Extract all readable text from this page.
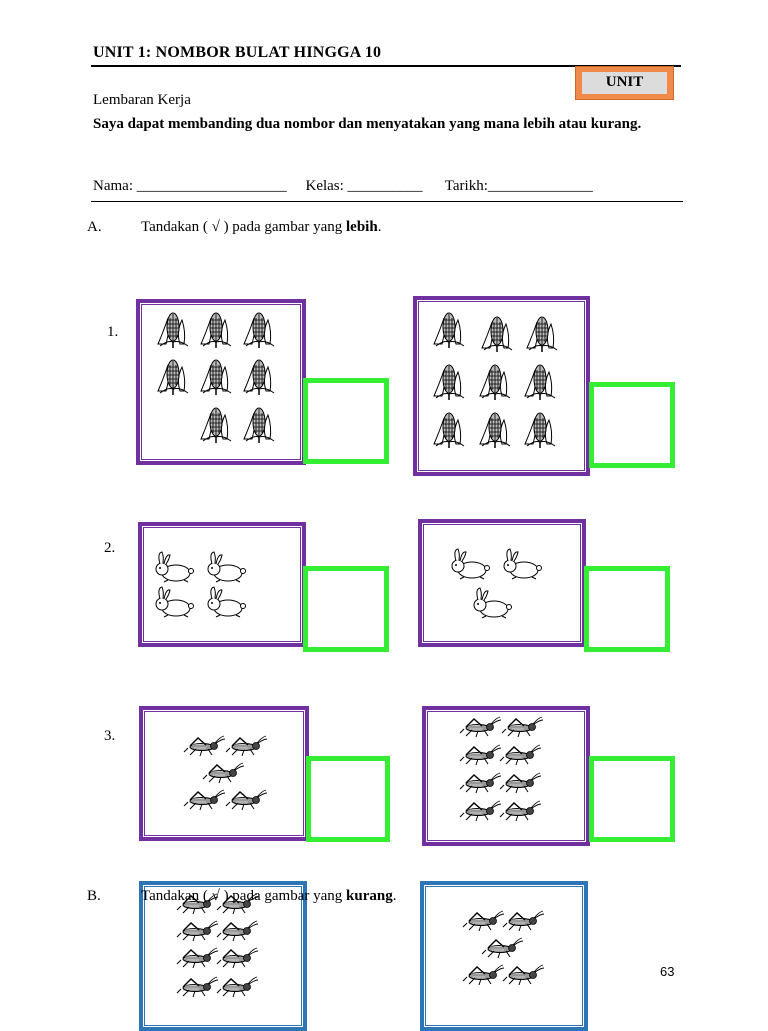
UNIT 1: NOMBOR BULAT HINGGA 10
UNIT
Lembaran Kerja
Saya dapat membanding dua nombor dan menyatakan yang mana lebih atau kurang.
Nama: ____________________     Kelas: __________      Tarikh:______________
A.	Tandakan ( √ ) pada gambar yang lebih.
1.
2.
3.
B.	Tandakan ( √ ) pada gambar yang kurang.
63
